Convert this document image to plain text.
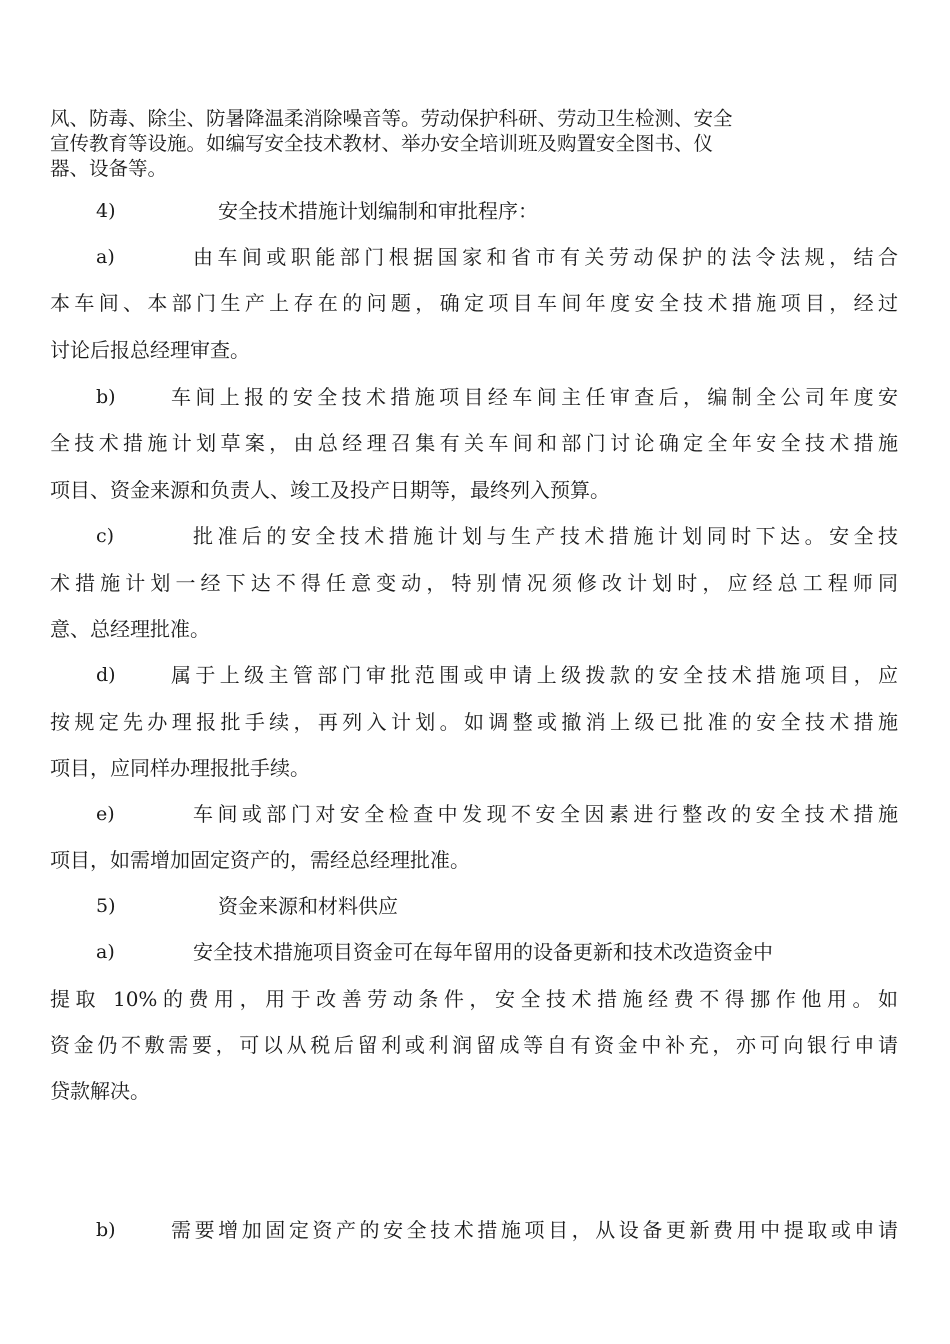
风、防毒、除尘、防暑降温柔消除噪音等。劳动保护科研、劳动卫生检测、安全
宣传教育等设施。如编写安全技术教材、举办安全培训班及购置安全图书、仪
器、设备等。
4)	安全技术措施计划编制和审批程序：
a)	由车间或职能部门根据国家和省市有关劳动保护的法令法规，结合
本车间、本部门生产上存在的问题，确定项目车间年度安全技术措施项目，经过
讨论后报总经理审查。
b)	车间上报的安全技术措施项目经车间主任审查后，编制全公司年度安
全技术措施计划草案，由总经理召集有关车间和部门讨论确定全年安全技术措施
项目、资金来源和负责人、竣工及投产日期等，最终列入预算。
c)	批准后的安全技术措施计划与生产技术措施计划同时下达。安全技
术措施计划一经下达不得任意变动，特别情况须修改计划时，应经总工程师同
意、总经理批准。
d)	属于上级主管部门审批范围或申请上级拨款的安全技术措施项目，应
按规定先办理报批手续，再列入计划。如调整或撤消上级已批准的安全技术措施
项目，应同样办理报批手续。
e)	车间或部门对安全检查中发现不安全因素进行整改的安全技术措施
项目，如需增加固定资产的，需经总经理批准。
5)	资金来源和材料供应
a)	安全技术措施项目资金可在每年留用的设备更新和技术改造资金中
提取 10%的费用，用于改善劳动条件，安全技术措施经费不得挪作他用。如
资金仍不敷需要，可以从税后留利或利润留成等自有资金中补充，亦可向银行申请
贷款解决。
b)	需要增加固定资产的安全技术措施项目，从设备更新费用中提取或申请
